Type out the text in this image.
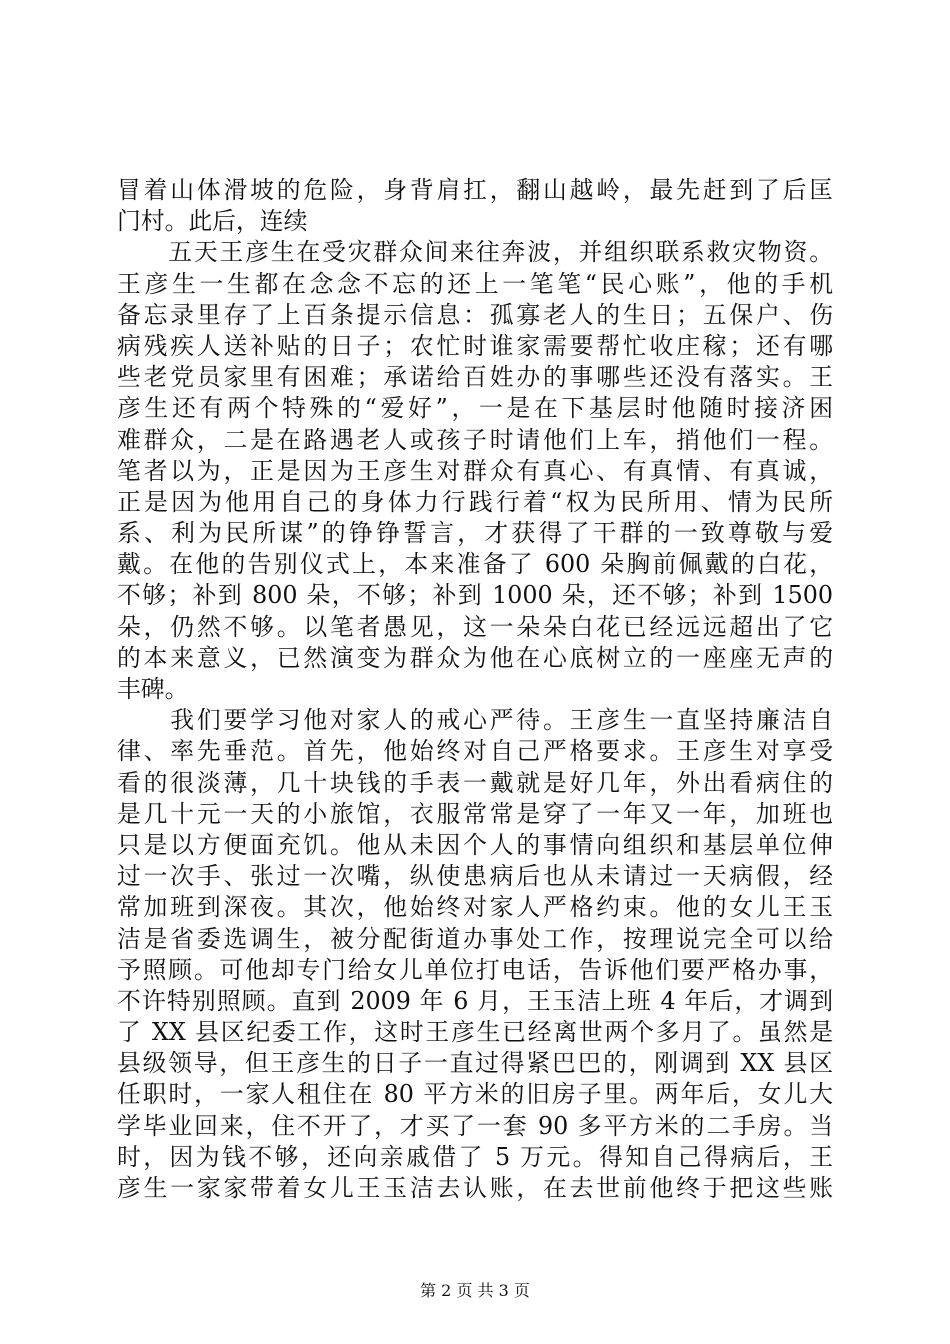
冒着山体滑坡的危险，身背肩扛，翻山越岭，最先赶到了后匡
门村。此后，连续
　　五天王彦生在受灾群众间来往奔波，并组织联系救灾物资。
王彦生一生都在念念不忘的还上一笔笔“民心账”，他的手机
备忘录里存了上百条提示信息：孤寡老人的生日；五保户、伤
病残疾人送补贴的日子；农忙时谁家需要帮忙收庄稼；还有哪
些老党员家里有困难；承诺给百姓办的事哪些还没有落实。王
彦生还有两个特殊的“爱好”，一是在下基层时他随时接济困
难群众，二是在路遇老人或孩子时请他们上车，捎他们一程。
笔者以为，正是因为王彦生对群众有真心、有真情、有真诚，
正是因为他用自己的身体力行践行着“权为民所用、情为民所
系、利为民所谋”的铮铮誓言，才获得了干群的一致尊敬与爱
戴。在他的告别仪式上，本来准备了 600 朵胸前佩戴的白花，
不够；补到 800 朵，不够；补到 1000 朵，还不够；补到 1500
朵，仍然不够。以笔者愚见，这一朵朵白花已经远远超出了它
的本来意义，已然演变为群众为他在心底树立的一座座无声的
丰碑。
　　我们要学习他对家人的戒心严待。王彦生一直坚持廉洁自
律、率先垂范。首先，他始终对自己严格要求。王彦生对享受
看的很淡薄，几十块钱的手表一戴就是好几年，外出看病住的
是几十元一天的小旅馆，衣服常常是穿了一年又一年，加班也
只是以方便面充饥。他从未因个人的事情向组织和基层单位伸
过一次手、张过一次嘴，纵使患病后也从未请过一天病假，经
常加班到深夜。其次，他始终对家人严格约束。他的女儿王玉
洁是省委选调生，被分配街道办事处工作，按理说完全可以给
予照顾。可他却专门给女儿单位打电话，告诉他们要严格办事，
不许特别照顾。直到 2009 年 6 月，王玉洁上班 4 年后，才调到
了 XX 县区纪委工作，这时王彦生已经离世两个多月了。虽然是
县级领导，但王彦生的日子一直过得紧巴巴的，刚调到 XX 县区
任职时，一家人租住在 80 平方米的旧房子里。两年后，女儿大
学毕业回来，住不开了，才买了一套 90 多平方米的二手房。当
时，因为钱不够，还向亲戚借了 5 万元。得知自己得病后，王
彦生一家家带着女儿王玉洁去认账，在去世前他终于把这些账
第 2 页 共 3 页
